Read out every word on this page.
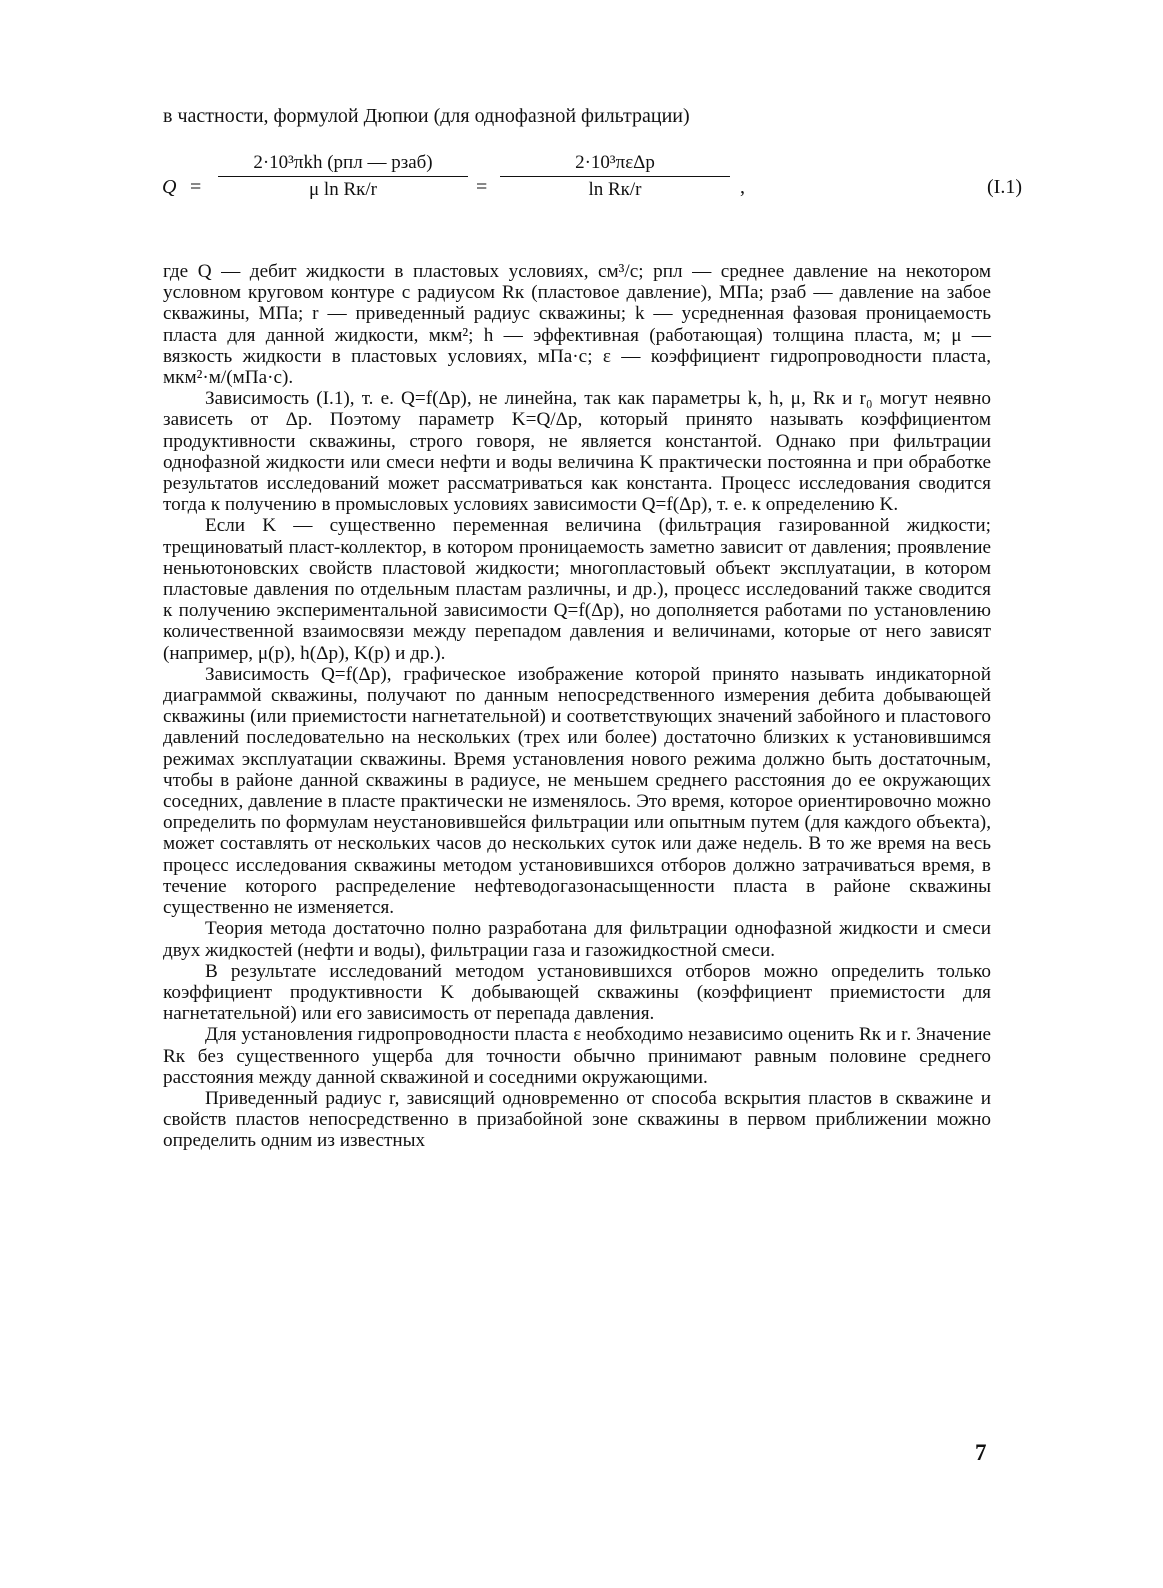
в частности, формулой Дюпюи (для однофазной фильтрации)
Q =
2·10³πkh (pпл — pзаб)
μ ln Rк/r	=
2·10³πεΔp
ln Rк/r	,	(I.1)

где Q — дебит жидкости в пластовых условиях, см³/с; pпл — среднее давление на некотором условном круговом контуре с радиусом Rк (пластовое давление), МПа; pзаб — давление на забое скважины, МПа; r — приведенный радиус скважины; k — усредненная фазовая проницаемость пласта для данной жидкости, мкм²; h — эффективная (работающая) толщина пласта, м; μ — вязкость жидкости в пластовых условиях, мПа·с; ε — коэффициент гидропроводности пласта, мкм²·м/(мПа·с).

Зависимость (I.1), т. е. Q=f(Δp), не линейна, так как параметры k, h, μ, Rк и r₀ могут неявно зависеть от Δp. Поэтому параметр K=Q/Δp, который принято называть коэффициентом продуктивности скважины, строго говоря, не является константой. Однако при фильтрации однофазной жидкости или смеси нефти и воды величина K практически постоянна и при обработке результатов исследований может рассматриваться как константа. Процесс исследования сводится тогда к получению в промысловых условиях зависимости Q=f(Δp), т. е. к определению K.

Если K — существенно переменная величина (фильтрация газированной жидкости; трещиноватый пласт-коллектор, в котором проницаемость заметно зависит от давления; проявление неньютоновских свойств пластовой жидкости; многопластовый объект эксплуатации, в котором пластовые давления по отдельным пластам различны, и др.), процесс исследований также сводится к получению экспериментальной зависимости Q=f(Δp), но дополняется работами по установлению количественной взаимосвязи между перепадом давления и величинами, которые от него зависят (например, μ(p), h(Δp), K(p) и др.).

Зависимость Q=f(Δp), графическое изображение которой принято называть индикаторной диаграммой скважины, получают по данным непосредственного измерения дебита добывающей скважины (или приемистости нагнетательной) и соответствующих значений забойного и пластового давлений последовательно на нескольких (трех или более) достаточно близких к установившимся режимах эксплуатации скважины. Время установления нового режима должно быть достаточным, чтобы в районе данной скважины в радиусе, не меньшем среднего расстояния до ее окружающих соседних, давление в пласте практически не изменялось. Это время, которое ориентировочно можно определить по формулам неустановившейся фильтрации или опытным путем (для каждого объекта), может составлять от нескольких часов до нескольких суток или даже недель. В то же время на весь процесс исследования скважины методом установившихся отборов должно затрачиваться время, в течение которого распределение нефтеводогазонасыщенности пласта в районе скважины существенно не изменяется.

Теория метода достаточно полно разработана для фильтрации однофазной жидкости и смеси двух жидкостей (нефти и воды), фильтрации газа и газожидкостной смеси.

В результате исследований методом установившихся отборов можно определить только коэффициент продуктивности K добывающей скважины (коэффициент приемистости для нагнетательной) или его зависимость от перепада давления.

Для установления гидропроводности пласта ε необходимо независимо оценить Rк и r. Значение Rк без существенного ущерба для точности обычно принимают равным половине среднего расстояния между данной скважиной и соседними окружающими.

Приведенный радиус r, зависящий одновременно от способа вскрытия пластов в скважине и свойств пластов непосредственно в призабойной зоне скважины в первом приближении можно определить одним из известных

7
